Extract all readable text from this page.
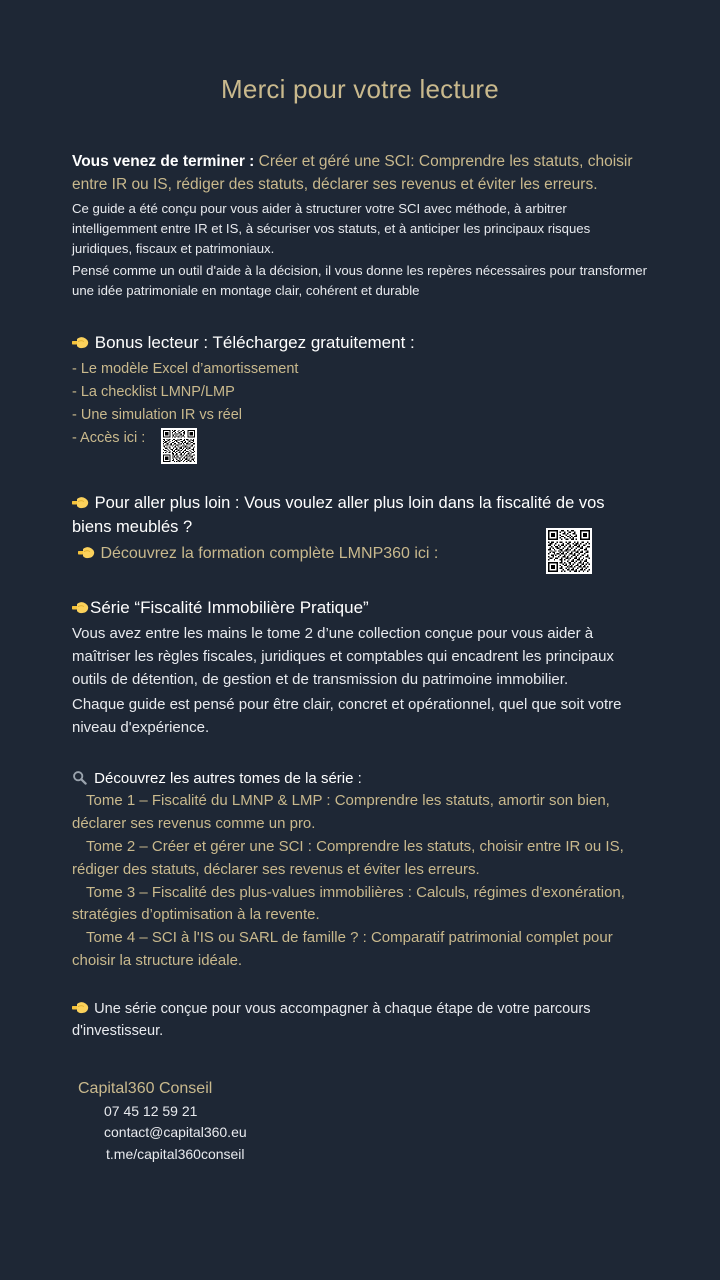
Merci pour votre lecture
Vous venez de terminer : Créer et géré une SCI: Comprendre les statuts, choisir entre IR ou IS, rédiger des statuts, déclarer ses revenus et éviter les erreurs.
Ce guide a été conçu pour vous aider à structurer votre SCI avec méthode, à arbitrer intelligemment entre IR et IS, à sécuriser vos statuts, et à anticiper les principaux risques juridiques, fiscaux et patrimoniaux.
Pensé comme un outil d'aide à la décision, il vous donne les repères nécessaires pour transformer une idée patrimoniale en montage clair, cohérent et durable
Bonus lecteur : Téléchargez gratuitement :
- Le modèle Excel d’amortissement
- La checklist LMNP/LMP
- Une simulation IR vs réel
- Accès ici :
Pour aller plus loin : Vous voulez aller plus loin dans la fiscalité de vos biens meublés ?
Découvrez la formation complète LMNP360 ici :
Série “Fiscalité Immobilière Pratique”
Vous avez entre les mains le tome 2 d’une collection conçue pour vous aider à maîtriser les règles fiscales, juridiques et comptables qui encadrent les principaux outils de détention, de gestion et de transmission du patrimoine immobilier.
Chaque guide est pensé pour être clair, concret et opérationnel, quel que soit votre niveau d'expérience.
Découvrez les autres tomes de la série :
Tome 1 – Fiscalité du LMNP & LMP : Comprendre les statuts, amortir son bien, déclarer ses revenus comme un pro.
Tome 2 – Créer et gérer une SCI : Comprendre les statuts, choisir entre IR ou IS, rédiger des statuts, déclarer ses revenus et éviter les erreurs.
Tome 3 – Fiscalité des plus-values immobilières : Calculs, régimes d'exonération, stratégies d’optimisation à la revente.
Tome 4 – SCI à l'IS ou SARL de famille ? : Comparatif patrimonial complet pour choisir la structure idéale.
Une série conçue pour vous accompagner à chaque étape de votre parcours d'investisseur.
Capital360 Conseil
07 45 12 59 21
contact@capital360.eu
t.me/capital360conseil
